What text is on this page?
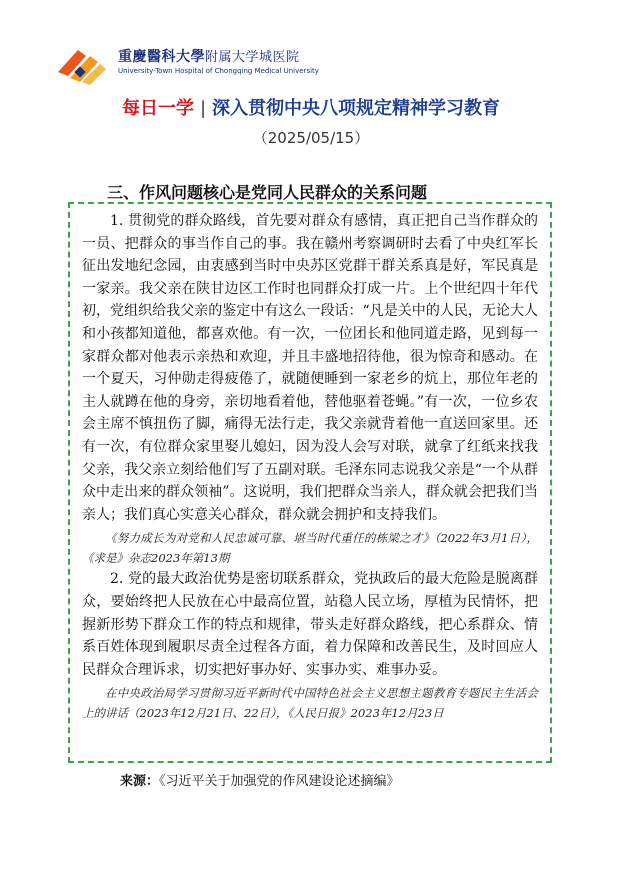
重慶醫科大學附属大学城医院
University-Town Hospital of Chongqing Medical University
每日一学 | 深入贯彻中央八项规定精神学习教育
（2025/05/15）
三、作风问题核心是党同人民群众的关系问题

1. 贯彻党的群众路线，首先要对群众有感情，真正把自己当作群众的一员、把群众的事当作自己的事。我在赣州考察调研时去看了中央红军长征出发地纪念园，由衷感到当时中央苏区党群干群关系真是好，军民真是一家亲。我父亲在陕甘边区工作时也同群众打成一片。上个世纪四十年代初，党组织给我父亲的鉴定中有这么一段话：“凡是关中的人民，无论大人和小孩都知道他，都喜欢他。有一次，一位团长和他同道走路，见到每一家群众都对他表示亲热和欢迎，并且丰盛地招待他，很为惊奇和感动。在一个夏天，习仲勋走得疲倦了，就随便睡到一家老乡的炕上，那位年老的主人就蹲在他的身旁，亲切地看着他，替他驱着苍蝇。”有一次，一位乡农会主席不慎扭伤了脚，痛得无法行走，我父亲就背着他一直送回家里。还有一次，有位群众家里娶儿媳妇，因为没人会写对联，就拿了红纸来找我父亲，我父亲立刻给他们写了五副对联。毛泽东同志说我父亲是“一个从群众中走出来的群众领袖”。这说明，我们把群众当亲人，群众就会把我们当亲人；我们真心实意关心群众，群众就会拥护和支持我们。

《努力成长为对党和人民忠诚可靠、堪当时代重任的栋梁之才》（2022年3月1日），《求是》杂志2023年第13期

2. 党的最大政治优势是密切联系群众，党执政后的最大危险是脱离群众，要始终把人民放在心中最高位置，站稳人民立场，厚植为民情怀，把握新形势下群众工作的特点和规律，带头走好群众路线，把心系群众、情系百姓体现到履职尽责全过程各方面，着力保障和改善民生，及时回应人民群众合理诉求，切实把好事办好、实事办实、难事办妥。

在中央政治局学习贯彻习近平新时代中国特色社会主义思想主题教育专题民主生活会上的讲话（2023年12月21日、22日），《人民日报》2023年12月23日

来源：《习近平关于加强党的作风建设论述摘编》
